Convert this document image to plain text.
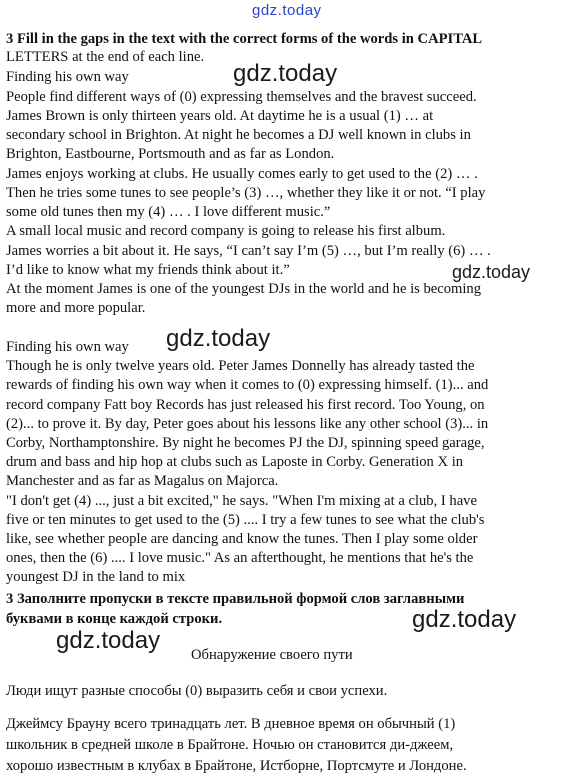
gdz.today
3 Fill in the gaps in the text with the correct forms of the words in CAPITAL
LETTERS at the end of each line.
gdz.today
Finding his own way
People find different ways of (0) expressing themselves and the bravest succeed.
James Brown is only thirteen years old. At daytime he is a usual (1) … at
secondary school in Brighton. At night he becomes a DJ well known in clubs in
Brighton, Eastbourne, Portsmouth and as far as London.
James enjoys working at clubs. He usually comes early to get used to the (2) … .
Then he tries some tunes to see people’s (3) …, whether they like it or not. “I play
some old tunes then my (4) … . I love different music.”
A small local music and record company is going to release his first album.
James worries a bit about it. He says, “I can’t say I’m (5) …, but I’m really (6) … .
I’d like to know what my friends think about it.”	gdz.today
At the moment James is one of the youngest DJs in the world and he is becoming
more and more popular.
gdz.today
Finding his own way
Though he is only twelve years old. Peter James Donnelly has already tasted the
rewards of finding his own way when it comes to (0) expressing himself. (1)... and
record company Fatt boy Records has just released his first record. Too Young, on
(2)... to prove it. By day, Peter goes about his lessons like any other school (3)... in
Corby, Northamptonshire. By night he becomes PJ the DJ, spinning speed garage,
drum and bass and hip hop at clubs such as Laposte in Corby. Generation X in
Manchester and as far as Magalus on Majorca.
"I don't get (4) ..., just a bit excited," he says. "When I'm mixing at a club, I have
five or ten minutes to get used to the (5) .... I try a few tunes to see what the club's
like, see whether people are dancing and know the tunes. Then I play some older
ones, then the (6) .... I love music." As an afterthought, he mentions that he's the
youngest DJ in the land to mix
3 Заполните пропуски в тексте правильной формой слов заглавными
буквами в конце каждой строки.	gdz.today
gdz.today
Обнаружение своего пути
Люди ищут разные способы (0) выразить себя и свои успехи.
Джеймсу Брауну всего тринадцать лет. В дневное время он обычный (1)
школьник в средней школе в Брайтоне. Ночью он становится ди-джеем,
хорошо известным в клубах в Брайтоне, Истборне, Портсмуте и Лондоне.
